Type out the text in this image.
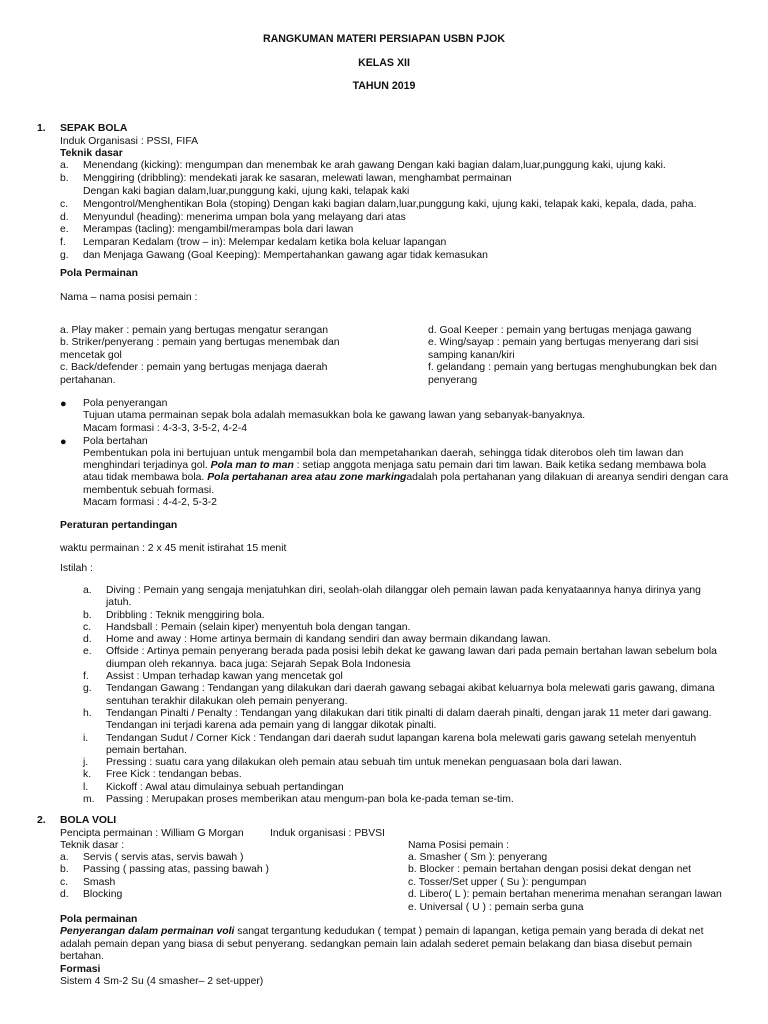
RANGKUMAN MATERI PERSIAPAN USBN PJOK
KELAS XII
TAHUN 2019
1. SEPAK BOLA
Induk Organisasi : PSSI, FIFA
Teknik dasar
a. Menendang (kicking): mengumpan dan menembak ke arah gawang Dengan kaki bagian dalam,luar,punggung kaki, ujung kaki.
b. Menggiring (dribbling): mendekati jarak ke sasaran, melewati lawan, menghambat permainan
Dengan kaki bagian dalam,luar,punggung kaki, ujung kaki, telapak kaki
c. Mengontrol/Menghentikan Bola (stoping) Dengan kaki bagian dalam,luar,punggung kaki, ujung kaki, telapak kaki, kepala, dada, paha.
d. Menyundul (heading): menerima umpan bola yang melayang dari atas
e. Merampas (tacling): mengambil/merampas bola dari lawan
f. Lemparan Kedalam (trow – in): Melempar kedalam ketika bola keluar lapangan
g. dan Menjaga Gawang (Goal Keeping): Mempertahankan gawang agar tidak kemasukan
Pola Permainan
Nama – nama posisi pemain :
a. Play maker : pemain yang bertugas mengatur serangan
b. Striker/penyerang : pemain yang bertugas menembak dan
mencetak gol
c. Back/defender : pemain yang bertugas menjaga daerah
pertahanan.
d. Goal Keeper : pemain yang bertugas menjaga gawang
e. Wing/sayap : pemain yang bertugas menyerang dari sisi
samping kanan/kiri
f. gelandang : pemain yang bertugas menghubungkan bek dan
penyerang
● Pola penyerangan
Tujuan utama permainan sepak bola adalah memasukkan bola ke gawang lawan yang sebanyak-banyaknya.
Macam formasi : 4-3-3, 3-5-2, 4-2-4
● Pola bertahan
Pembentukan pola ini bertujuan untuk mengambil bola dan mempetahankan daerah, sehingga tidak diterobos oleh tim lawan dan
menghindari terjadinya gol. Pola man to man : setiap anggota menjaga satu pemain dari tim lawan. Baik ketika sedang membawa bola
atau tidak membawa bola. Pola pertahanan area atau zone markingadalah pola pertahanan yang dilakuan di areanya sendiri dengan cara
membentuk sebuah formasi.
Macam formasi : 4-4-2, 5-3-2
Peraturan pertandingan
waktu permainan : 2 x 45 menit istirahat 15 menit
Istilah :
a. Diving : Pemain yang sengaja menjatuhkan diri, seolah-olah dilanggar oleh pemain lawan pada kenyataannya hanya dirinya yang
jatuh.
b. Dribbling : Teknik menggiring bola.
c. Handsball : Pemain (selain kiper) menyentuh bola dengan tangan.
d. Home and away : Home artinya bermain di kandang sendiri dan away bermain dikandang lawan.
e. Offside : Artinya pemain penyerang berada pada posisi lebih dekat ke gawang lawan dari pada pemain bertahan lawan sebelum bola
diumpan oleh rekannya. baca juga: Sejarah Sepak Bola Indonesia
f. Assist : Umpan terhadap kawan yang mencetak gol
g. Tendangan Gawang : Tendangan yang dilakukan dari daerah gawang sebagai akibat keluarnya bola melewati garis gawang, dimana
sentuhan terakhir dilakukan oleh pemain penyerang.
h. Tendangan Pinalti / Penalty : Tendangan yang dilakukan dari titik pinalti di dalam daerah pinalti, dengan jarak 11 meter dari gawang.
Tendangan ini terjadi karena ada pemain yang di langgar dikotak pinalti.
i. Tendangan Sudut / Corner Kick : Tendangan dari daerah sudut lapangan karena bola melewati garis gawang setelah menyentuh
pemain bertahan.
j. Pressing : suatu cara yang dilakukan oleh pemain atau sebuah tim untuk menekan penguasaan bola dari lawan.
k. Free Kick : tendangan bebas.
l. Kickoff : Awal atau dimulainya sebuah pertandingan
m. Passing : Merupakan proses memberikan atau mengum-pan bola ke-pada teman se-tim.
2. BOLA VOLI
Pencipta permainan : William G Morgan	Induk organisasi : PBVSI
Teknik dasar :	Nama Posisi pemain :
a. Servis ( servis atas, servis bawah )
b. Passing ( passing atas, passing bawah )
c. Smash
d. Blocking
a. Smasher ( Sm ): penyerang
b. Blocker : pemain bertahan dengan posisi dekat dengan net
c. Tosser/Set upper ( Su ): pengumpan
d. Libero( L ): pemain bertahan menerima menahan serangan lawan
e. Universal ( U ) : pemain serba guna
Pola permainan
Penyerangan dalam permainan voli sangat tergantung kedudukan ( tempat ) pemain di lapangan, ketiga pemain yang berada di dekat net
adalah pemain depan yang biasa di sebut penyerang. sedangkan pemain lain adalah sederet pemain belakang dan biasa disebut pemain
bertahan.
Formasi
Sistem 4 Sm-2 Su (4 smasher– 2 set-upper)
